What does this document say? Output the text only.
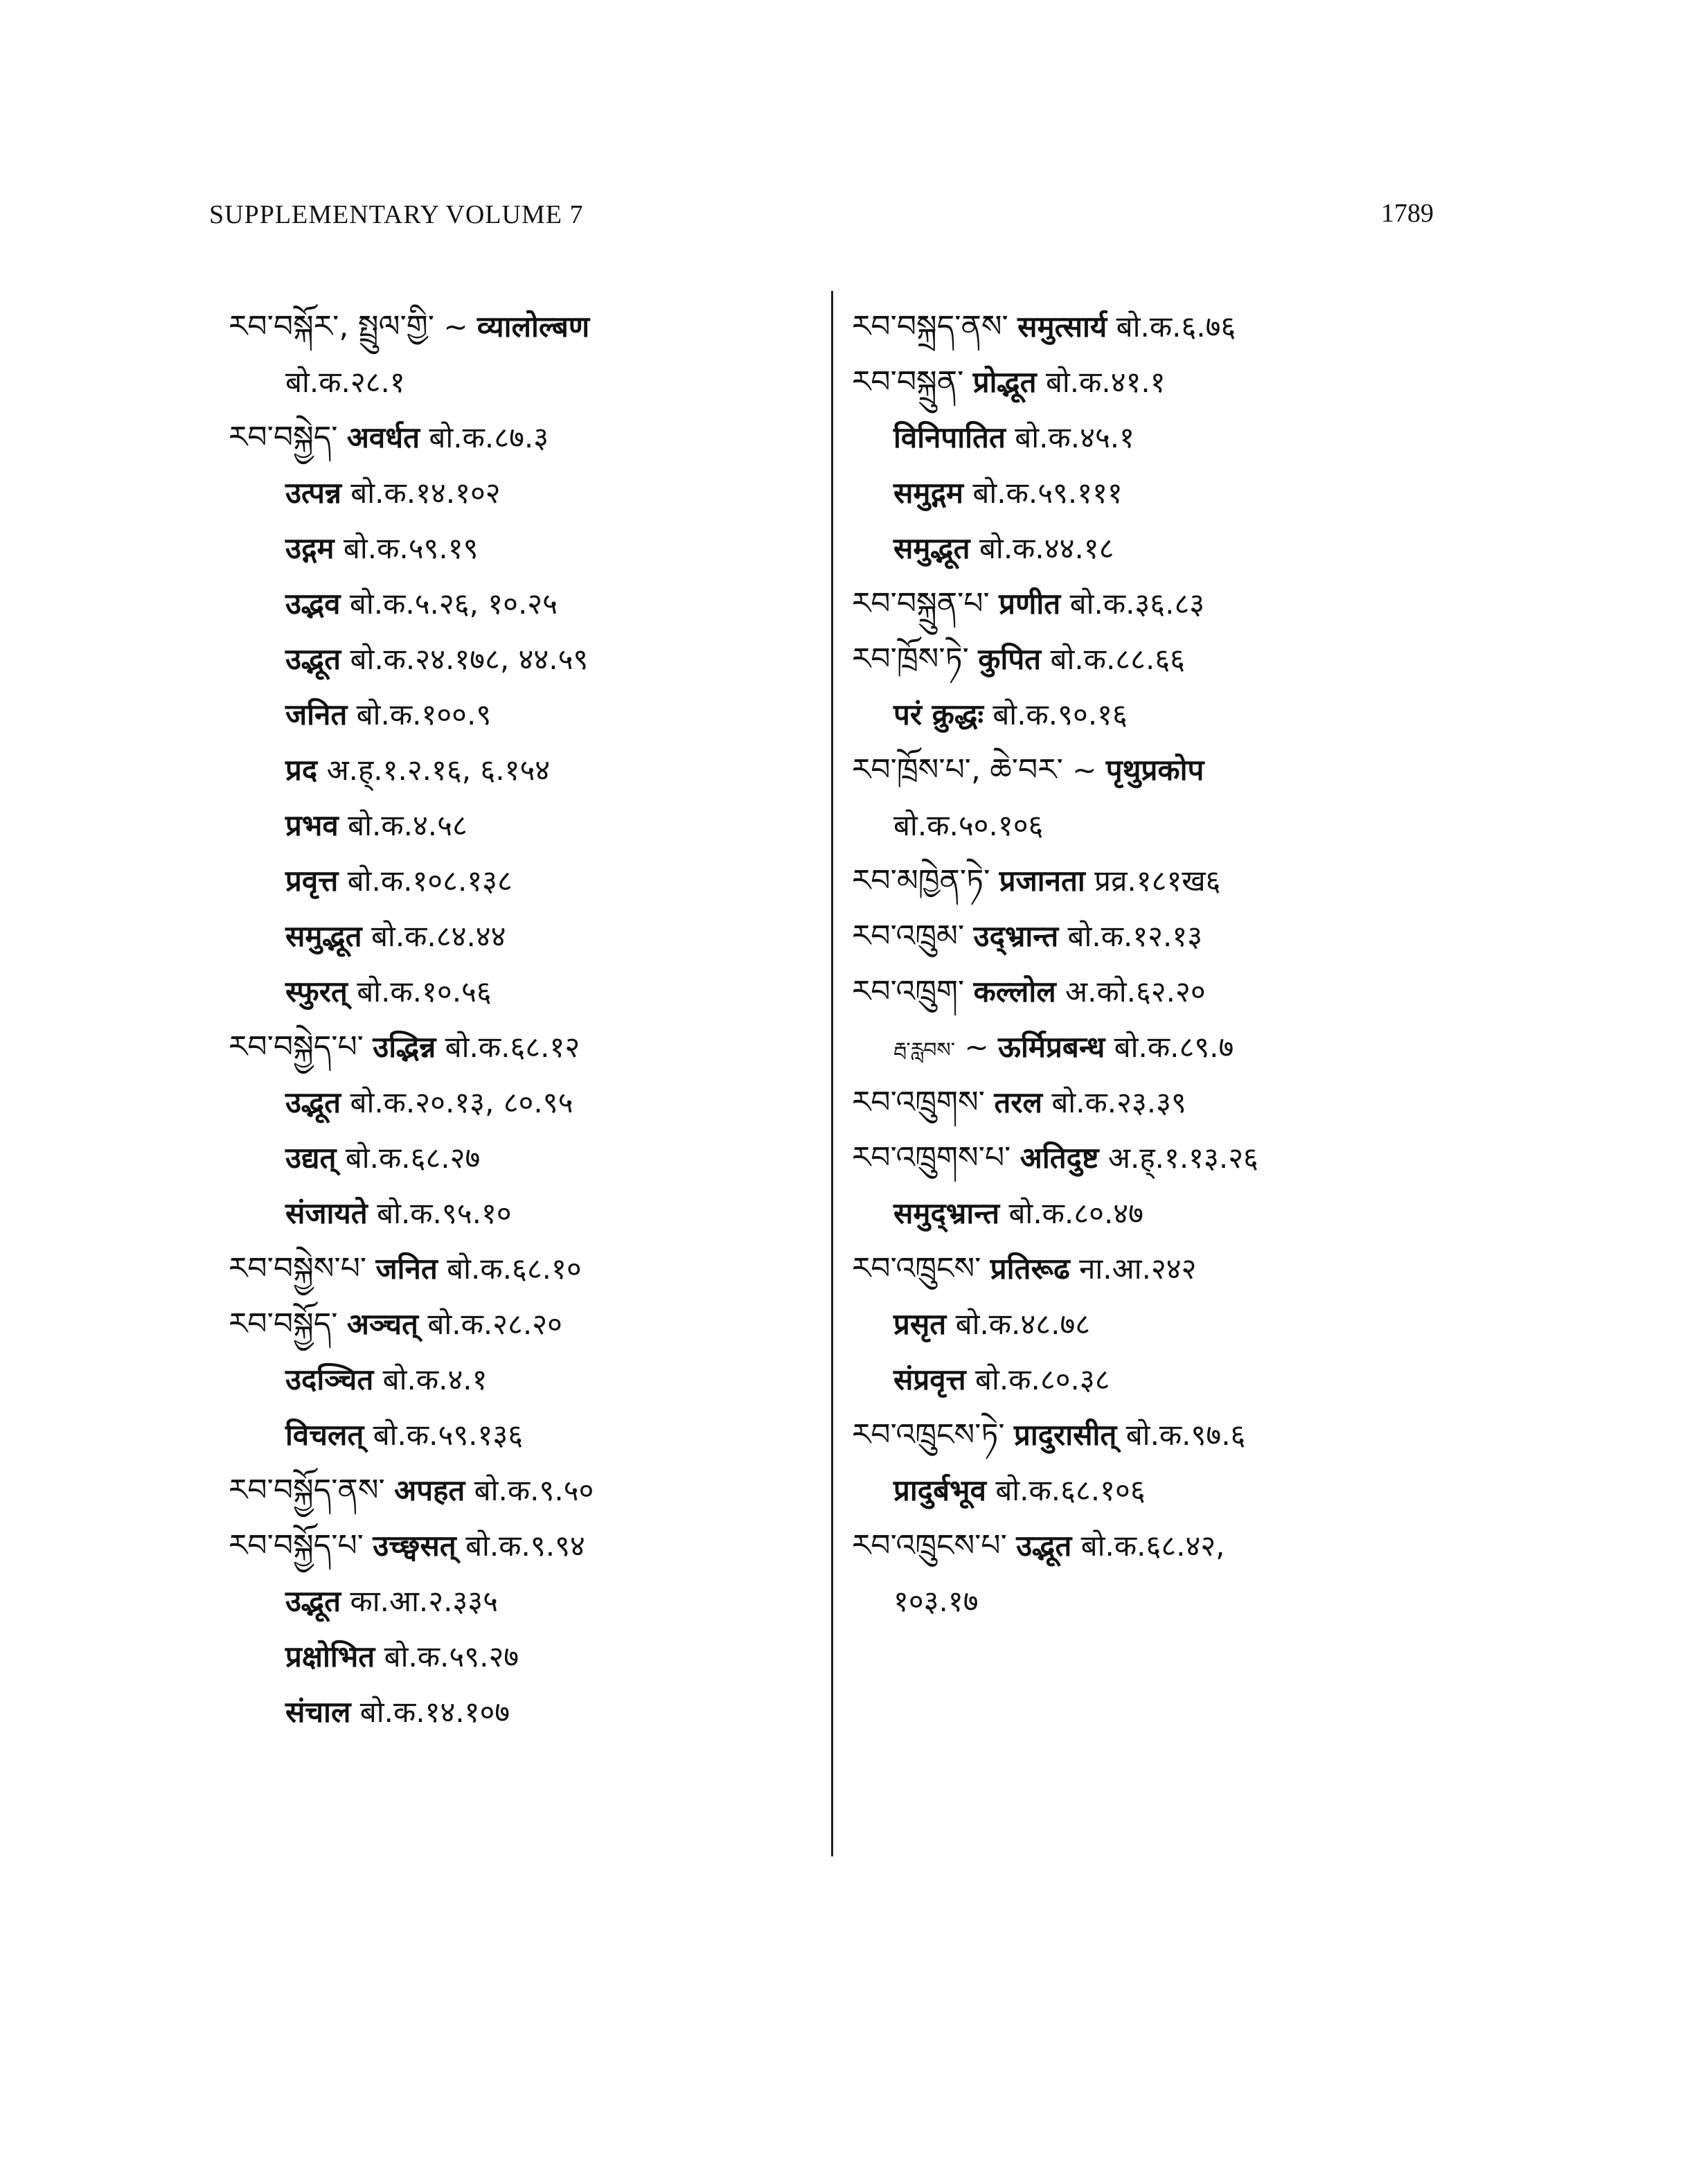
SUPPLEMENTARY VOLUME 7	1789
རབ་བསྐོར་, སྤྲུལ་གྱི་ ~ व्यालोल्बण
बो.क.२८.१
རབ་བསྐྱེད་ अवर्धत बो.क.८७.३
उत्पन्न बो.क.१४.१०२
उद्गम बो.क.५९.१९
उद्भव बो.क.५.२६, १०.२५
उद्भूत बो.क.२४.१७८, ४४.५९
जनित बो.क.१००.९
प्रद अ.ह्.१.२.१६, ६.१५४
प्रभव बो.क.४.५८
प्रवृत्त बो.क.१०८.१३८
समुद्भूत बो.क.८४.४४
स्फुरत् बो.क.१०.५६
རབ་བསྐྱེད་པ་ उद्भिन्न बो.क.६८.१२
उद्भूत बो.क.२०.१३, ८०.९५
उद्यत् बो.क.६८.२७
संजायते बो.क.९५.१०
རབ་བསྐྱེས་པ་ जनित बो.क.६८.१०
རབ་བསྐྱོད་ अञ्चत् बो.क.२८.२०
उदञ्चित बो.क.४.१
विचलत् बो.क.५९.१३६
རབ་བསྐྱོད་ནས་ अपहत बो.क.९.५०
རབ་བསྐྱོད་པ་ उच्छ्वसत् बो.क.९.९४
उद्भूत का.आ.२.३३५
प्रक्षोभित बो.क.५९.२७
संचाल बो.क.१४.१०७
རབ་བསྐྲད་ནས་ समुत्सार्य बो.क.६.७६
རབ་བསྐྲུན་ प्रोद्भूत बो.क.४१.१
विनिपातित बो.क.४५.१
समुद्गम बो.क.५९.१११
समुद्भूत बो.क.४४.१८
རབ་བསྐྲུན་པ་ प्रणीत बो.क.३६.८३
རབ་ཁྲོས་ཏེ་ कुपित बो.क.८८.६६
परं क्रुद्धः बो.क.९०.१६
རབ་ཁྲོས་པ་, ཆེ་བར་ ~ पृथुप्रकोप
बो.क.५०.१०६
རབ་མཁྱེན་ཏེ་ प्रजानता प्रव्र.१८१ख६
རབ་འཁྲུམ་ उद्भ्रान्त बो.क.१२.१३
རབ་འཁྲུག་ कल्लोल अ.को.६२.२०
རྦ་རླབས་ ~ ऊर्मिप्रबन्ध बो.क.८९.७
རབ་འཁྲུགས་ तरल बो.क.२३.३९
རབ་འཁྲུགས་པ་ अतिदुष्ट अ.ह्.१.१३.२६
समुद्भ्रान्त बो.क.८०.४७
རབ་འཁྲུངས་ प्रतिरूढ ना.आ.२४२
प्रसृत बो.क.४८.७८
संप्रवृत्त बो.क.८०.३८
རབ་འཁྲུངས་ཏེ་ प्रादुरासीत् बो.क.९७.६
प्रादुर्बभूव बो.क.६८.१०६
རབ་འཁྲུངས་པ་ उद्भूत बो.क.६८.४२,
१०३.१७
